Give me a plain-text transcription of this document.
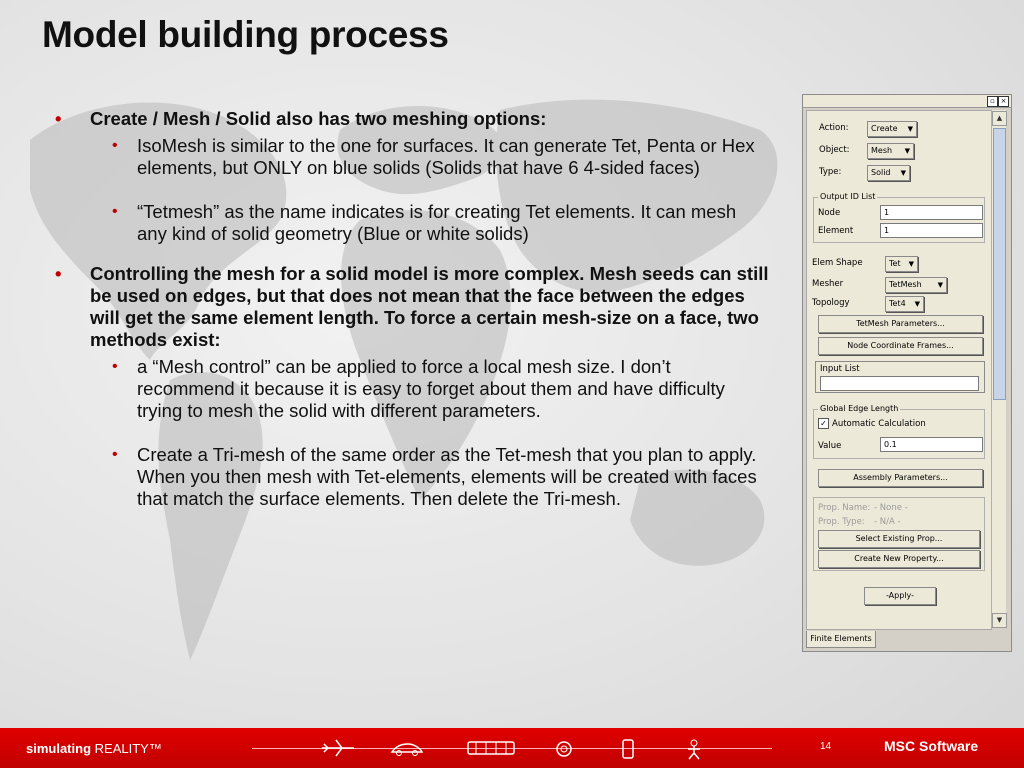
Model building process
• Create / Mesh / Solid also has two meshing options:
• IsoMesh is similar to the one for surfaces. It can generate Tet, Penta or Hex elements, but ONLY on blue solids (Solids that have 6 4-sided faces)
• “Tetmesh” as the name indicates is for creating Tet elements. It can mesh any kind of solid geometry (Blue or white solids)
• Controlling the mesh for a solid model is more complex. Mesh seeds can still be used on edges, but that does not mean that the face between the edges will get the same element length. To force a certain mesh-size on a face, two methods exist:
• a “Mesh control” can be applied to force a local mesh size. I don’t recommend it because it is easy to forget about them and have difficulty trying to mesh the solid with different parameters.
• Create a Tri-mesh of the same order as the Tet-mesh that you plan to apply. When you then mesh with Tet-elements, elements will be created with faces that match the surface elements. Then delete the Tri-mesh.
▫ ×
Action:	Create ▼
Object:	Mesh ▼
Type:	Solid ▼
Output ID List
Node	1
Element	1
Elem Shape	Tet ▼
Mesher	TetMesh ▼
Topology	Tet4 ▼
TetMesh Parameters...
Node Coordinate Frames...
Input List
Global Edge Length
✓ Automatic Calculation
Value	0.1
Assembly Parameters...
Prop. Name: - None -
Prop. Type: - N/A -
Select Existing Prop...
Create New Property...
-Apply-
▲
▼
Finite Elements
simulating REALITY™	14	MSC Software
